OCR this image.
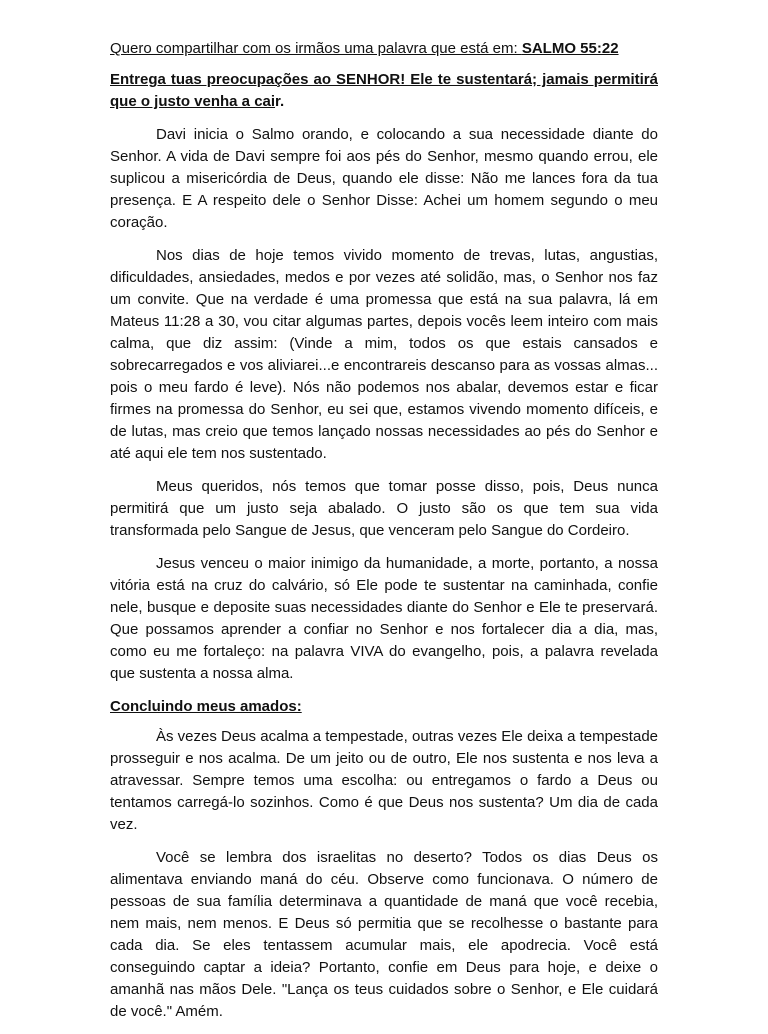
Quero compartilhar com os irmãos uma palavra que está em: SALMO 55:22

Entrega tuas preocupações ao SENHOR! Ele te sustentará; jamais permitirá que o justo venha a cair.

Davi inicia o Salmo orando, e colocando a sua necessidade diante do Senhor. A vida de Davi sempre foi aos pés do Senhor, mesmo quando errou, ele suplicou a misericórdia de Deus, quando ele disse: Não me lances fora da tua presença. E A respeito dele o Senhor Disse: Achei um homem segundo o meu coração.

Nos dias de hoje temos vivido momento de trevas, lutas, angustias, dificuldades, ansiedades, medos e por vezes até solidão, mas, o Senhor nos faz um convite. Que na verdade é uma promessa que está na sua palavra, lá em Mateus 11:28 a 30, vou citar algumas partes, depois vocês leem inteiro com mais calma, que diz assim: (Vinde a mim, todos os que estais cansados e sobrecarregados e vos aliviarei...e encontrareis descanso para as vossas almas... pois o meu fardo é leve). Nós não podemos nos abalar, devemos estar e ficar firmes na promessa do Senhor, eu sei que, estamos vivendo momento difíceis, e de lutas, mas creio que temos lançado nossas necessidades ao pés do Senhor e até aqui ele tem nos sustentado.

Meus queridos, nós temos que tomar posse disso, pois, Deus nunca permitirá que um justo seja abalado. O justo são os que tem sua vida transformada pelo Sangue de Jesus, que venceram pelo Sangue do Cordeiro.

Jesus venceu o maior inimigo da humanidade, a morte, portanto, a nossa vitória está na cruz do calvário, só Ele pode te sustentar na caminhada, confie nele, busque e deposite suas necessidades diante do Senhor e Ele te preservará. Que possamos aprender a confiar no Senhor e nos fortalecer dia a dia, mas, como eu me fortaleço: na palavra VIVA do evangelho, pois, a palavra revelada que sustenta a nossa alma.

Concluindo meus amados:

Às vezes Deus acalma a tempestade, outras vezes Ele deixa a tempestade prosseguir e nos acalma. De um jeito ou de outro, Ele nos sustenta e nos leva a atravessar. Sempre temos uma escolha: ou entregamos o fardo a Deus ou tentamos carregá-lo sozinhos. Como é que Deus nos sustenta? Um dia de cada vez.

Você se lembra dos israelitas no deserto? Todos os dias Deus os alimentava enviando maná do céu. Observe como funcionava. O número de pessoas de sua família determinava a quantidade de maná que você recebia, nem mais, nem menos. E Deus só permitia que se recolhesse o bastante para cada dia. Se eles tentassem acumular mais, ele apodrecia. Você está conseguindo captar a ideia? Portanto, confie em Deus para hoje, e deixe o amanhã nas mãos Dele. "Lança os teus cuidados sobre o Senhor, e Ele cuidará de você." Amém.
